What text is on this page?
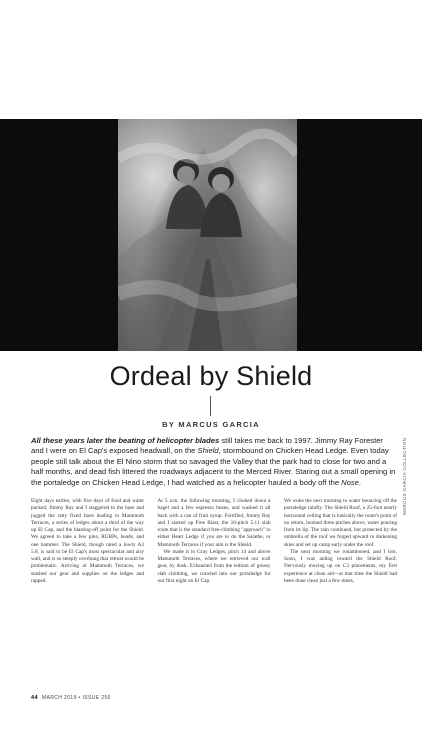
MARCUS GARCIA COLLECTION
Ordeal by Shield
BY MARCUS GARCIA

All these years later the beating of helicopter blades still takes me back to 1997. Jimmy Ray Forester and I were on El Cap's exposed headwall, on the Shield, stormbound on Chicken Head Ledge. Even today people still talk about the El Nino storm that so savaged the Valley that the park had to close for two and a half months, and dead fish littered the roadways adjacent to the Merced River. Staring out a small opening in the portaledge on Chicken Head Ledge, I had watched as a helicopter hauled a body off the Nose.

Eight days earlier, with five days of food and water packed, Jimmy Ray and I staggered to the base and jugged the ratty fixed lines leading to Mammoth Terraces, a series of ledges about a third of the way up El Cap, and the blasting-off point for the Shield. We agreed to take a few pins, RURPs, heads, and one hammer. The Shield, though rated a lowly A3 5.8, is said to be El Cap's most spectacular and airy wall, and is so steeply overhung that retreat would be problematic. Arriving at Mammoth Terraces, we stashed our gear and supplies on the ledges and rapped.

At 5 a.m. the following morning, I choked down a bagel and a few espresso beans, and washed it all back with a can of fruit syrup. Fortified, Jimmy Ray and I started up Free Blast, the 10-pitch 5.11 slab route that is the standard free-climbing "approach" to either Heart Ledge if you are to do the Salathe, or Mammoth Terraces if your aim is the Shield.

We made it to Gray Ledges, pitch 14 and above Mammoth Terraces, where we retrieved our wall gear, by dusk. Exhausted from the tedium of greasy slab climbing, we crawled into our portaledge for our first night on El Cap.

We woke the next morning to water bouncing off the portaledge rainfly. The Shield Roof, a 25-foot nearly horizontal ceiling that is basically the route's point of no return, loomed three pitches above, water pouring from its lip. The rain continued, but protected by the umbrella of the roof we forged upward in darkening skies and set up camp early under the roof.

The next morning we rodambooed, and I lost. Soon, I was aiding toward the Shield Roof. Nervously moving up on C3 placements, my first experience at clean aid—at that time the Shield had been done clean just a few times,

44 MARCH 2019 • ISSUE 256
